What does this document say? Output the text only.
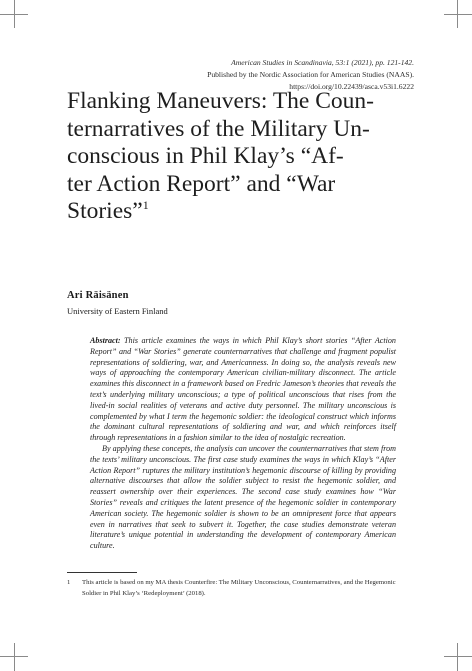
American Studies in Scandinavia, 53:1 (2021), pp. 121-142.
Published by the Nordic Association for American Studies (NAAS).
https://doi.org/10.22439/asca.v53i1.6222
Flanking Maneuvers: The Coun-
ternarratives of the Military Un-
conscious in Phil Klay’s “Af-
ter Action Report” and “War
Stories”$^1$
Ari Räisänen
University of Eastern Finland

Abstract: This article examines the ways in which Phil Klay’s short stories “After Action Report” and “War Stories” generate counternarratives that challenge and fragment populist representations of soldiering, war, and Americanness. In doing so, the analysis reveals new ways of approaching the contemporary American civilian-military disconnect. The article examines this disconnect in a framework based on Fredric Jameson’s theories that reveals the text’s underlying military unconscious; a type of political unconscious that rises from the lived-in social realities of veterans and active duty personnel. The military unconscious is complemented by what I term the hegemonic soldier: the ideological construct which informs the dominant cultural representations of soldiering and war, and which reinforces itself through representations in a fashion similar to the idea of nostalgic recreation.

By applying these concepts, the analysis can uncover the counternarratives that stem from the texts’ military unconscious. The first case study examines the ways in which Klay’s “After Action Report” ruptures the military institution’s hegemonic discourse of killing by providing alternative discourses that allow the soldier subject to resist the hegemonic soldier, and reassert ownership over their experiences. The second case study examines how “War Stories” reveals and critiques the latent presence of the hegemonic soldier in contemporary American society. The hegemonic soldier is shown to be an omnipresent force that appears even in narratives that seek to subvert it. Together, the case studies demonstrate veteran literature’s unique potential in understanding the development of contemporary American culture.

1 This article is based on my MA thesis Counterfire: The Military Unconscious, Counternarratives, and the Hegemonic Soldier in Phil Klay’s ‘Redeployment’ (2018).
